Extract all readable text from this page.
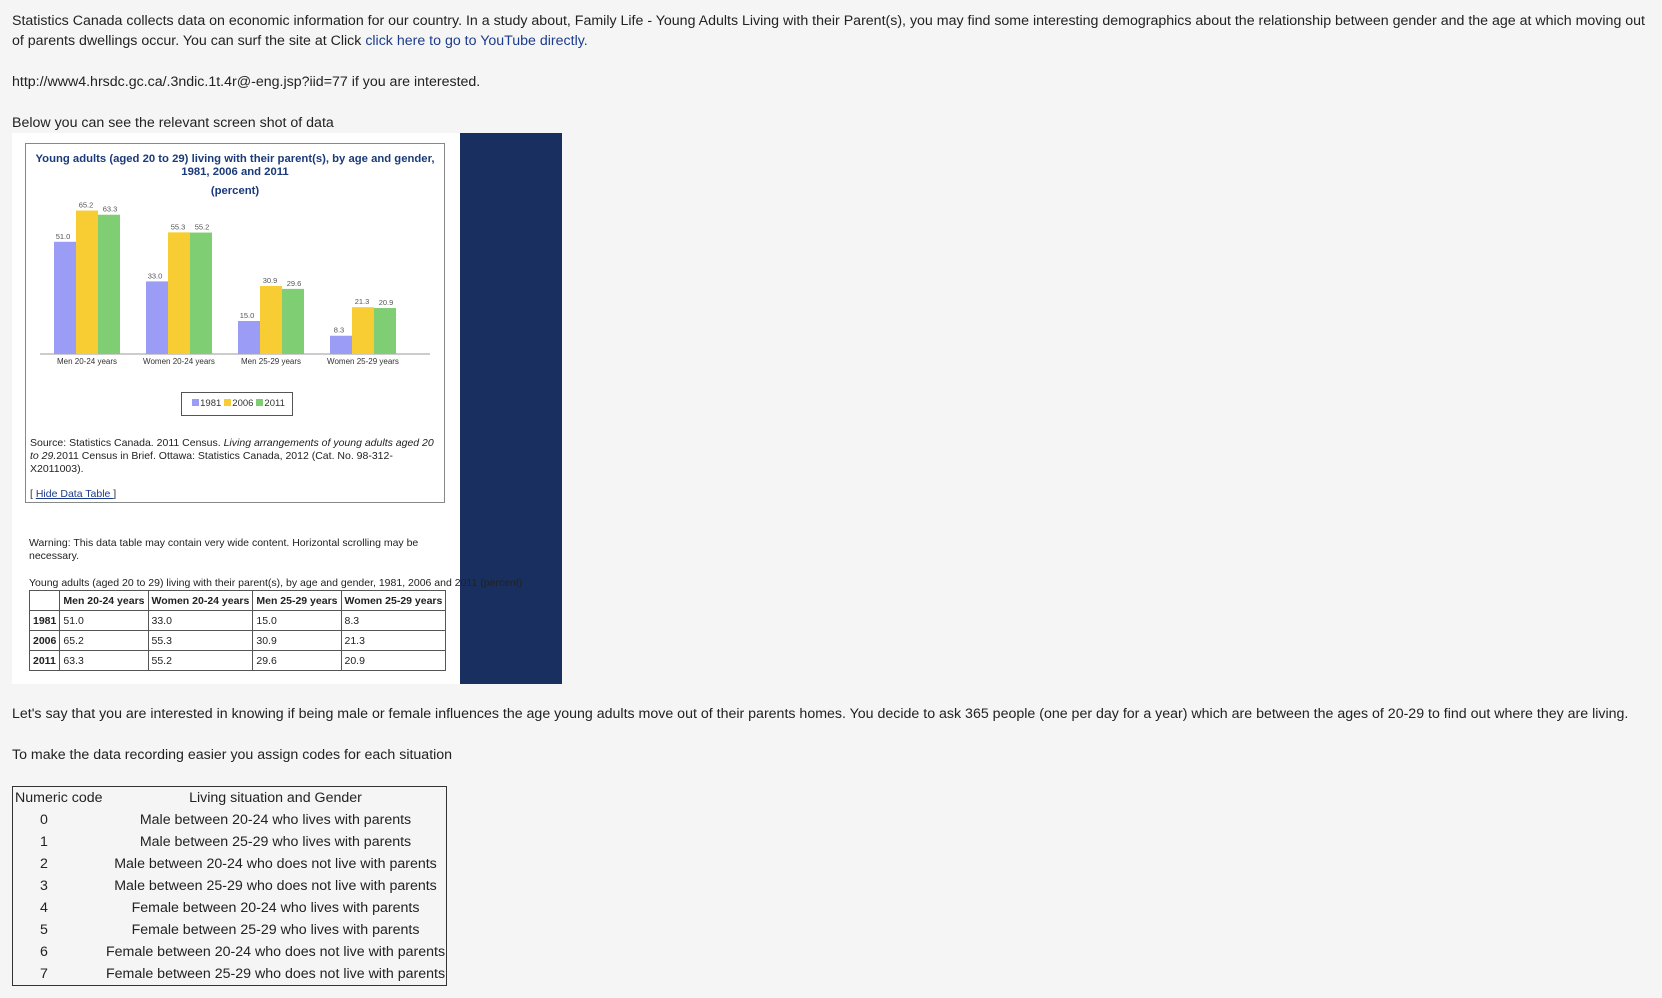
Statistics Canada collects data on economic information for our country. In a study about, Family Life - Young Adults Living with their Parent(s), you may find some interesting demographics about the relationship between gender and the age at which moving out of parents dwellings occur. You can surf the site at Click click here to go to YouTube directly.

http://www4.hrsdc.gc.ca/.3ndic.1t.4r@-eng.jsp?iid=77 if you are interested.

Below you can see the relevant screen shot of data

51.0
65.2 63.3
Men 20-24 years
33.0
55.3 55.2
Women 20-24 years
15.0
30.9 29.6
Men 25-29 years
8.3
21.3 20.9
Women 25-29 years
Young adults (aged 20 to 29) living with their parent(s), by age and gender, 1981, 2006 and 2011
(percent)
1981 2006 2011
Source: Statistics Canada. 2011 Census. Living arrangements of young adults aged 20 to 29.2011 Census in Brief. Ottawa: Statistics Canada, 2012 (Cat. No. 98-312-X2011003).
[ Hide Data Table ]
Warning: This data table may contain very wide content. Horizontal scrolling may be necessary.
Young adults (aged 20 to 29) living with their parent(s), by age and gender, 1981, 2006 and 2011 (percent)
	Men 20-24 years	Women 20-24 years	Men 25-29 years	Women 25-29 years
1981	51.0	33.0	15.0	8.3
2006	65.2	55.3	30.9	21.3
2011	63.3	55.2	29.6	20.9

Let's say that you are interested in knowing if being male or female influences the age young adults move out of their parents homes. You decide to ask 365 people (one per day for a year) which are between the ages of 20-29 to find out where they are living.

To make the data recording easier you assign codes for each situation

Numeric code	Living situation and Gender
0	Male between 20-24 who lives with parents
1	Male between 25-29 who lives with parents
2	Male between 20-24 who does not live with parents
3	Male between 25-29 who does not live with parents
4	Female between 20-24 who lives with parents
5	Female between 25-29 who lives with parents
6	Female between 20-24 who does not live with parents
7	Female between 25-29 who does not live with parents
